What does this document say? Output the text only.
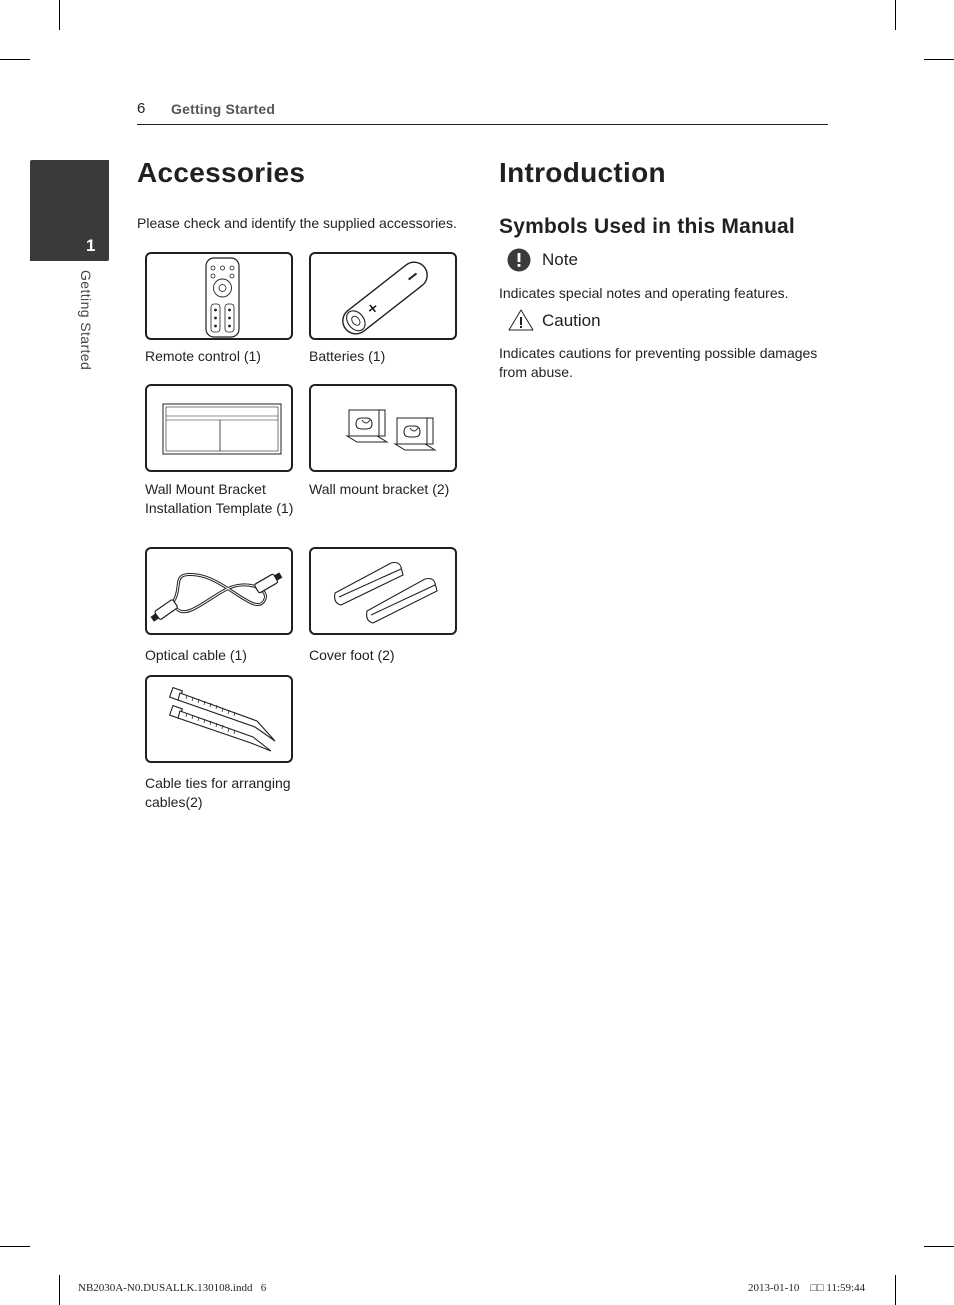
6 Getting Started
1
Getting Started
Accessories
Please check and identify the supplied accessories.
Remote control (1)
+
Batteries (1)
Wall Mount Bracket Installation Template (1)
Wall mount bracket (2)
Optical cable (1)	Cover foot (2)
Cable ties for arranging cables(2)
Introduction
Symbols Used in this Manual
Note
Indicates special notes and operating features.
Caution
Indicates cautions for preventing possible damages from abuse.
NB2030A-N0.DUSALLK.130108.indd   6	2013-01-10    □□ 11:59:44
